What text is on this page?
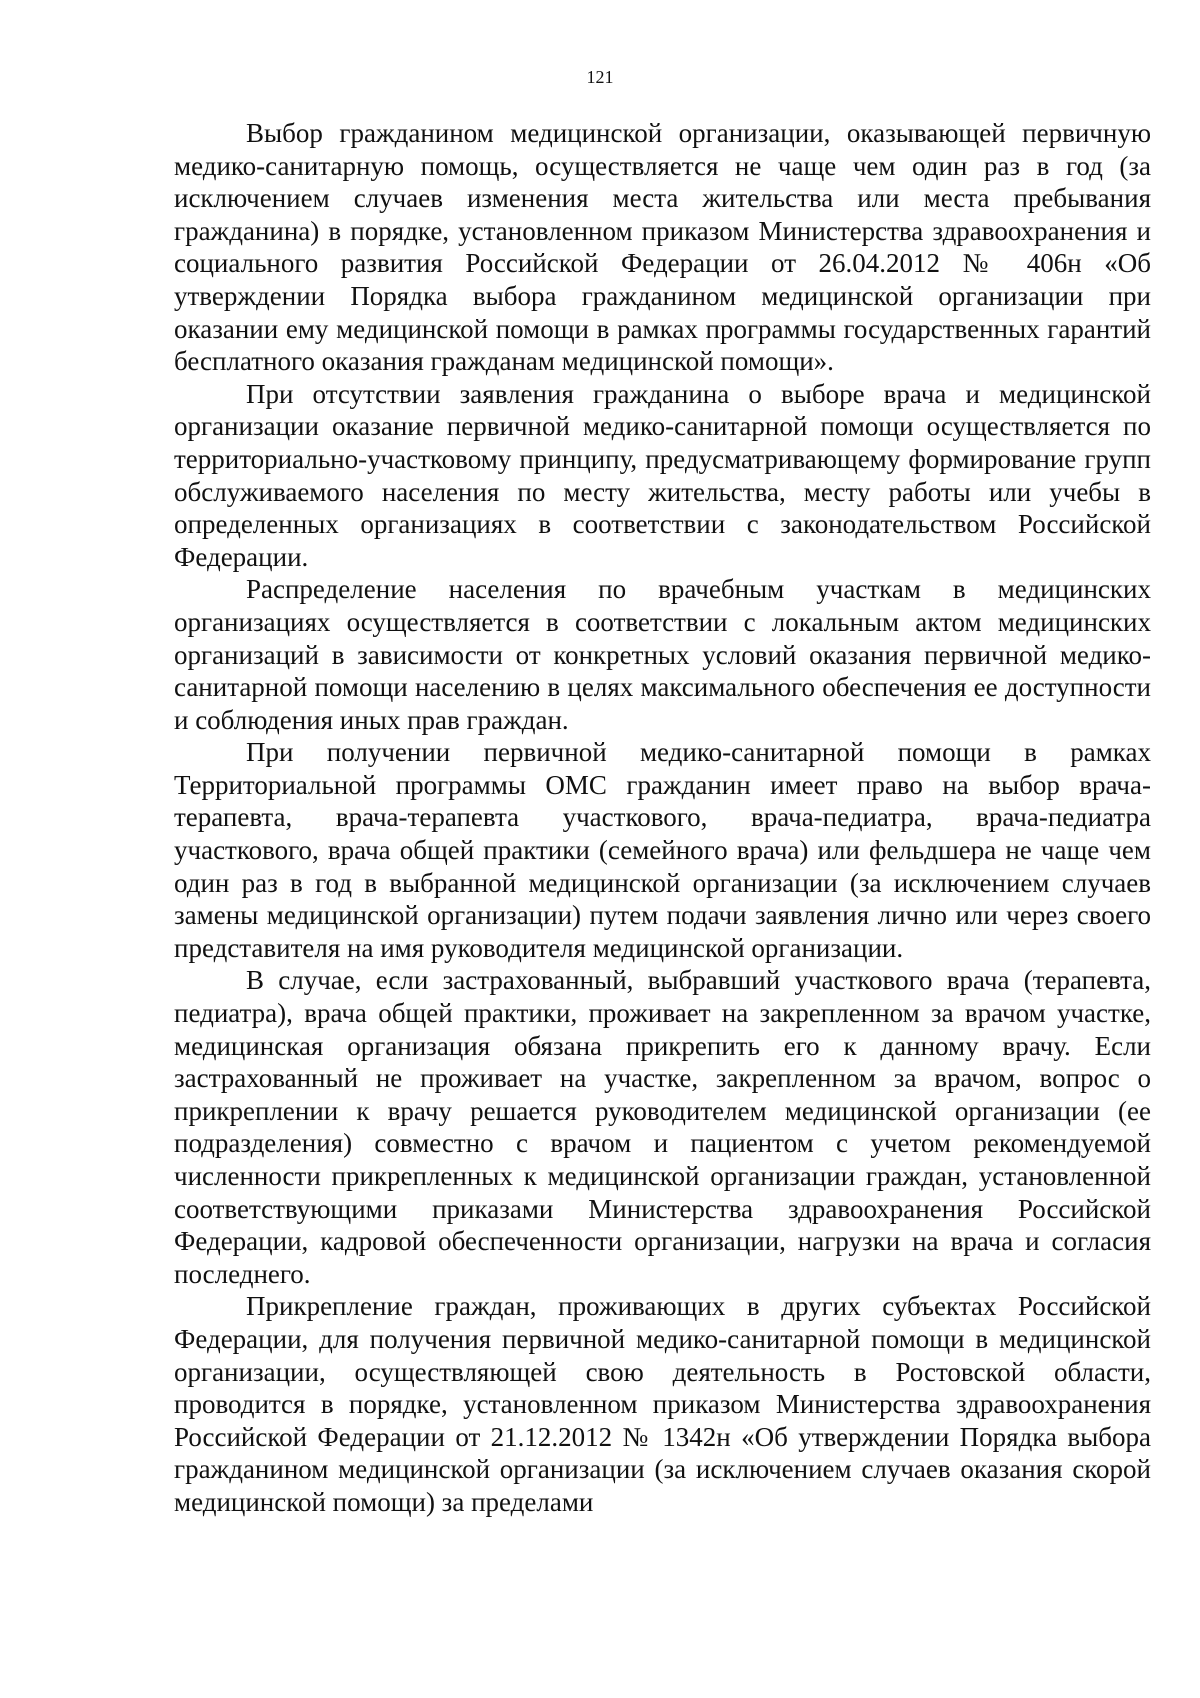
121

Выбор гражданином медицинской организации, оказывающей первичную медико-санитарную помощь, осуществляется не чаще чем один раз в год (за исключением случаев изменения места жительства или места пребывания гражданина) в порядке, установленном приказом Министерства здравоохранения и социального развития Российской Федерации от 26.04.2012 № 406н «Об утверждении Порядка выбора гражданином медицинской организации при оказании ему медицинской помощи в рамках программы государственных гарантий бесплатного оказания гражданам медицинской помощи».

При отсутствии заявления гражданина о выборе врача и медицинской организации оказание первичной медико-санитарной помощи осуществляется по территориально-участковому принципу, предусматривающему формирование групп обслуживаемого населения по месту жительства, месту работы или учебы в определенных организациях в соответствии с законодательством Российской Федерации.

Распределение населения по врачебным участкам в медицинских организациях осуществляется в соответствии с локальным актом медицинских организаций в зависимости от конкретных условий оказания первичной медико-санитарной помощи населению в целях максимального обеспечения ее доступности и соблюдения иных прав граждан.

При получении первичной медико-санитарной помощи в рамках Территориальной программы ОМС гражданин имеет право на выбор врача-терапевта, врача-терапевта участкового, врача-педиатра, врача-педиатра участкового, врача общей практики (семейного врача) или фельдшера не чаще чем один раз в год в выбранной медицинской организации (за исключением случаев замены медицинской организации) путем подачи заявления лично или через своего представителя на имя руководителя медицинской организации.

В случае, если застрахованный, выбравший участкового врача (терапевта, педиатра), врача общей практики, проживает на закрепленном за врачом участке, медицинская организация обязана прикрепить его к данному врачу. Если застрахованный не проживает на участке, закрепленном за врачом, вопрос о прикреплении к врачу решается руководителем медицинской организации (ее подразделения) совместно с врачом и пациентом с учетом рекомендуемой численности прикрепленных к медицинской организации граждан, установленной соответствующими приказами Министерства здравоохранения Российской Федерации, кадровой обеспеченности организации, нагрузки на врача и согласия последнего.

Прикрепление граждан, проживающих в других субъектах Российской Федерации, для получения первичной медико-санитарной помощи в медицинской организации, осуществляющей свою деятельность в Ростовской области, проводится в порядке, установленном приказом Министерства здравоохранения Российской Федерации от 21.12.2012 № 1342н «Об утверждении Порядка выбора гражданином медицинской организации (за исключением случаев оказания скорой медицинской помощи) за пределами
